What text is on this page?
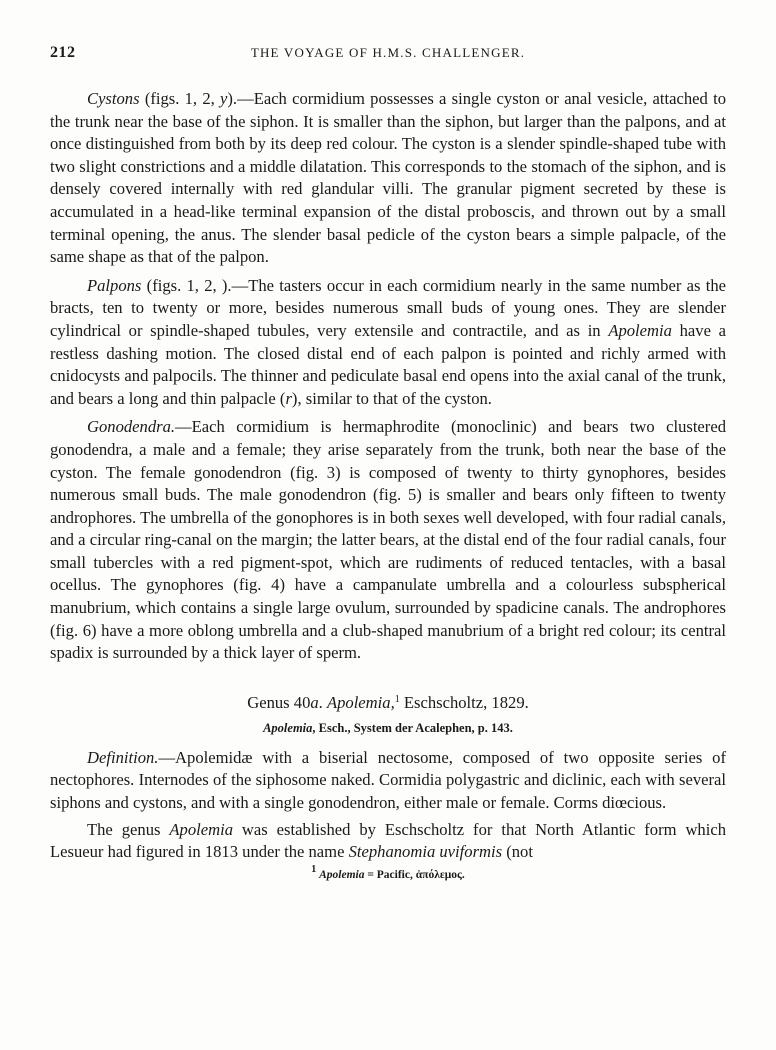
212	THE VOYAGE OF H.M.S. CHALLENGER.

Cystons (figs. 1, 2, y).—Each cormidium possesses a single cyston or anal vesicle, attached to the trunk near the base of the siphon. It is smaller than the siphon, but larger than the palpons, and at once distinguished from both by its deep red colour. The cyston is a slender spindle-shaped tube with two slight constrictions and a middle dilatation. This corresponds to the stomach of the siphon, and is densely covered internally with red glandular villi. The granular pigment secreted by these is accumulated in a head-like terminal expansion of the distal proboscis, and thrown out by a small terminal opening, the anus. The slender basal pedicle of the cyston bears a simple palpacle, of the same shape as that of the palpon.

Palpons (figs. 1, 2, ).—The tasters occur in each cormidium nearly in the same number as the bracts, ten to twenty or more, besides numerous small buds of young ones. They are slender cylindrical or spindle-shaped tubules, very extensile and contractile, and as in Apolemia have a restless dashing motion. The closed distal end of each palpon is pointed and richly armed with cnidocysts and palpocils. The thinner and pediculate basal end opens into the axial canal of the trunk, and bears a long and thin palpacle (r), similar to that of the cyston.

Gonodendra.—Each cormidium is hermaphrodite (monoclinic) and bears two clustered gonodendra, a male and a female; they arise separately from the trunk, both near the base of the cyston. The female gonodendron (fig. 3) is composed of twenty to thirty gynophores, besides numerous small buds. The male gonodendron (fig. 5) is smaller and bears only fifteen to twenty androphores. The umbrella of the gonophores is in both sexes well developed, with four radial canals, and a circular ring-canal on the margin; the latter bears, at the distal end of the four radial canals, four small tubercles with a red pigment-spot, which are rudiments of reduced tentacles, with a basal ocellus. The gynophores (fig. 4) have a campanulate umbrella and a colourless subspherical manubrium, which contains a single large ovulum, surrounded by spadicine canals. The androphores (fig. 6) have a more oblong umbrella and a club-shaped manubrium of a bright red colour; its central spadix is surrounded by a thick layer of sperm.

Genus 40a. Apolemia,$^1$ Eschscholtz, 1829.
Apolemia, Esch., System der Acalephen, p. 143.

Definition.—Apolemidæ with a biserial nectosome, composed of two opposite series of nectophores. Internodes of the siphosome naked. Cormidia polygastric and diclinic, each with several siphons and cystons, and with a single gonodendron, either male or female. Corms diœcious.

The genus Apolemia was established by Eschscholtz for that North Atlantic form which Lesueur had figured in 1813 under the name Stephanomia uviformis (not

$^1$ Apolemia = Pacific, ἀπόλεμος.
